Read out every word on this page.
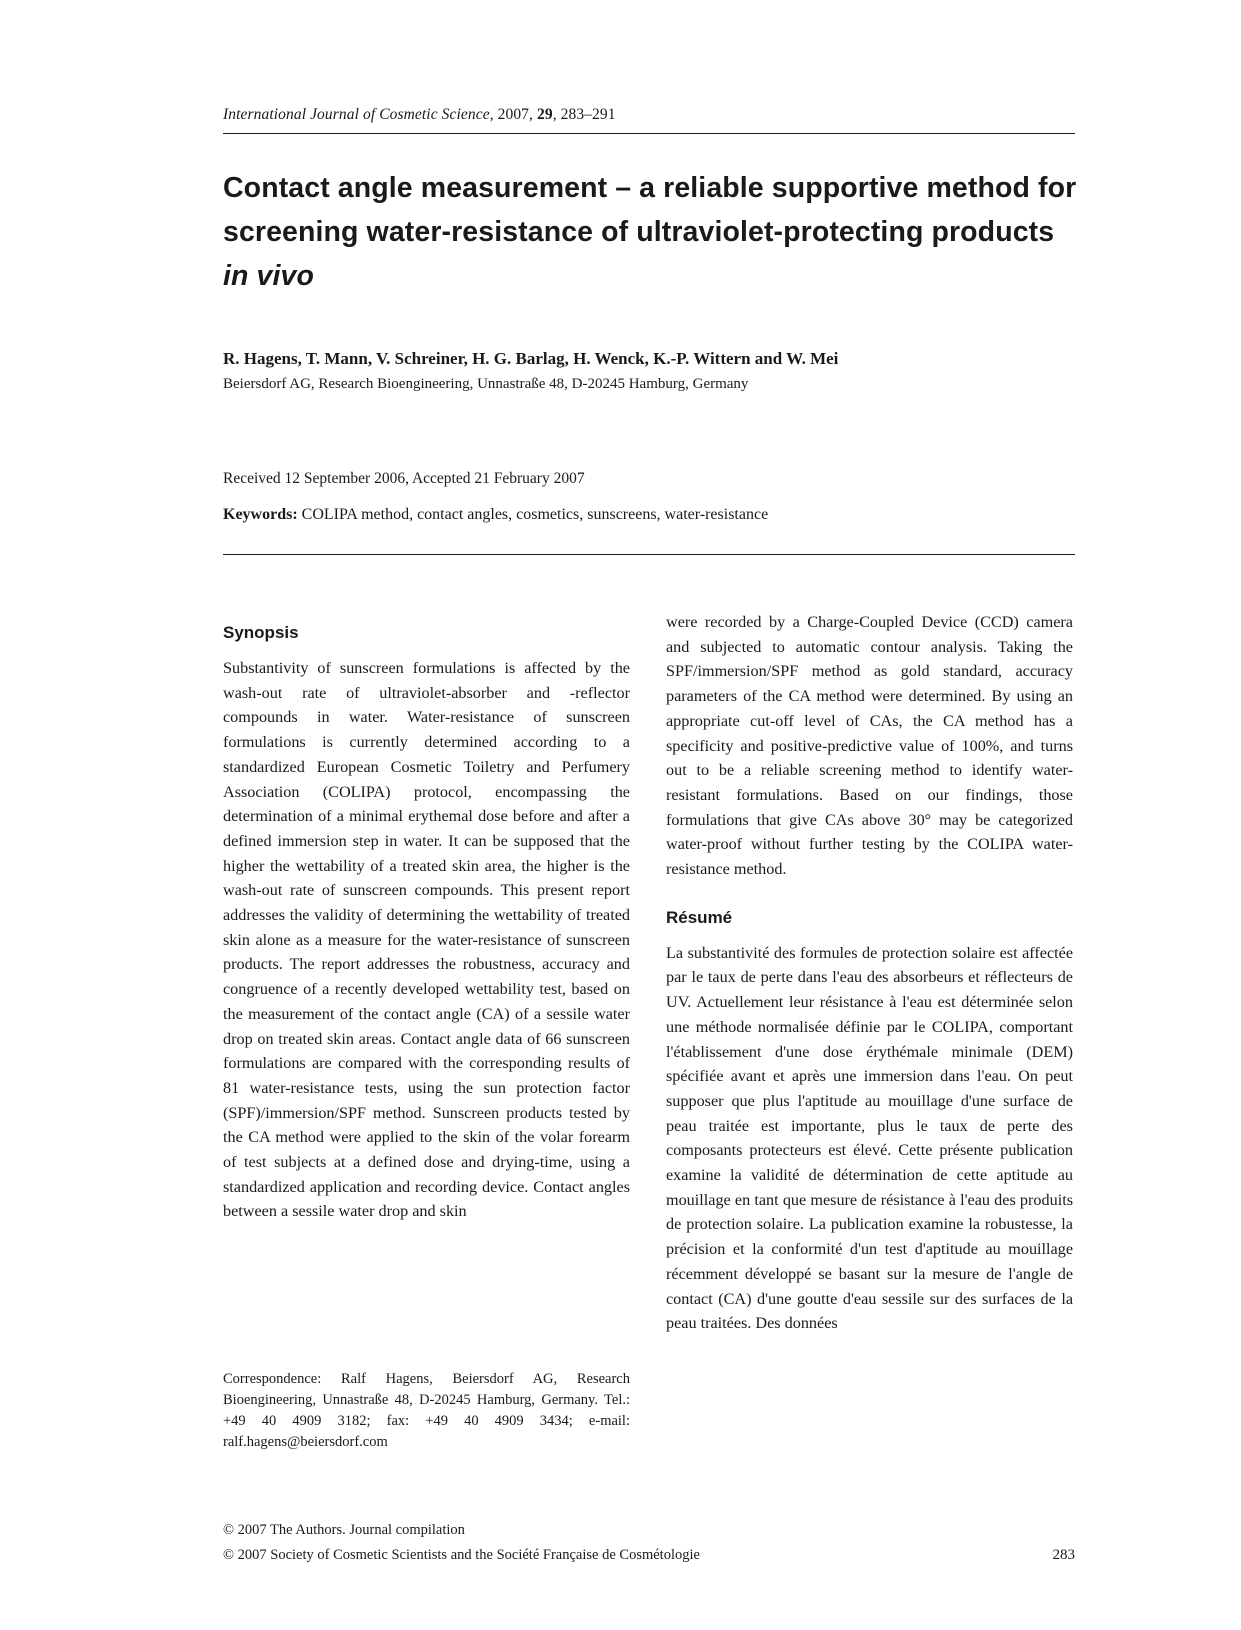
International Journal of Cosmetic Science, 2007, 29, 283–291
Contact angle measurement – a reliable supportive method for screening water-resistance of ultraviolet-protecting products in vivo
R. Hagens, T. Mann, V. Schreiner, H. G. Barlag, H. Wenck, K.-P. Wittern and W. Mei
Beiersdorf AG, Research Bioengineering, Unnastraße 48, D-20245 Hamburg, Germany
Received 12 September 2006, Accepted 21 February 2007
Keywords: COLIPA method, contact angles, cosmetics, sunscreens, water-resistance
Synopsis

Substantivity of sunscreen formulations is affected by the wash-out rate of ultraviolet-absorber and -reflector compounds in water. Water-resistance of sunscreen formulations is currently determined according to a standardized European Cosmetic Toiletry and Perfumery Association (COLIPA) protocol, encompassing the determination of a minimal erythemal dose before and after a defined immersion step in water. It can be supposed that the higher the wettability of a treated skin area, the higher is the wash-out rate of sunscreen compounds. This present report addresses the validity of determining the wettability of treated skin alone as a measure for the water-resistance of sunscreen products. The report addresses the robustness, accuracy and congruence of a recently developed wettability test, based on the measurement of the contact angle (CA) of a sessile water drop on treated skin areas. Contact angle data of 66 sunscreen formulations are compared with the corresponding results of 81 water-resistance tests, using the sun protection factor (SPF)/immersion/SPF method. Sunscreen products tested by the CA method were applied to the skin of the volar forearm of test subjects at a defined dose and drying-time, using a standardized application and recording device. Contact angles between a sessile water drop and skin

Correspondence: Ralf Hagens, Beiersdorf AG, Research Bioengineering, Unnastraße 48, D-20245 Hamburg, Germany. Tel.: +49 40 4909 3182; fax: +49 40 4909 3434; e-mail: ralf.hagens@beiersdorf.com

were recorded by a Charge-Coupled Device (CCD) camera and subjected to automatic contour analysis. Taking the SPF/immersion/SPF method as gold standard, accuracy parameters of the CA method were determined. By using an appropriate cut-off level of CAs, the CA method has a specificity and positive-predictive value of 100%, and turns out to be a reliable screening method to identify water-resistant formulations. Based on our findings, those formulations that give CAs above 30° may be categorized water-proof without further testing by the COLIPA water-resistance method.

Résumé

La substantivité des formules de protection solaire est affectée par le taux de perte dans l'eau des absorbeurs et réflecteurs de UV. Actuellement leur résistance à l'eau est déterminée selon une méthode normalisée définie par le COLIPA, comportant l'établissement d'une dose érythémale minimale (DEM) spécifiée avant et après une immersion dans l'eau. On peut supposer que plus l'aptitude au mouillage d'une surface de peau traitée est importante, plus le taux de perte des composants protecteurs est élevé. Cette présente publication examine la validité de détermination de cette aptitude au mouillage en tant que mesure de résistance à l'eau des produits de protection solaire. La publication examine la robustesse, la précision et la conformité d'un test d'aptitude au mouillage récemment développé se basant sur la mesure de l'angle de contact (CA) d'une goutte d'eau sessile sur des surfaces de la peau traitées. Des données

© 2007 The Authors. Journal compilation
© 2007 Society of Cosmetic Scientists and the Société Française de Cosmétologie	283
